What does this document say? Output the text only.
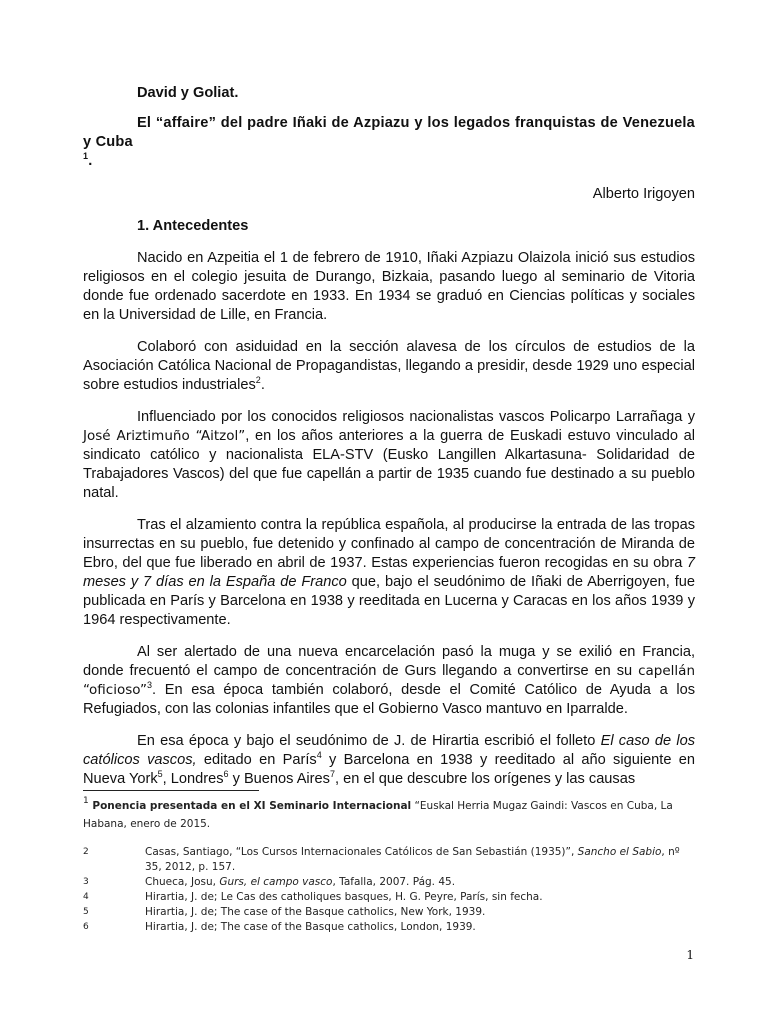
David y Goliat.
El “affaire” del padre Iñaki de Azpiazu y los legados franquistas de Venezuela y Cuba$^1$.
Alberto Irigoyen
1. Antecedentes

Nacido en Azpeitia el 1 de febrero de 1910, Iñaki Azpiazu Olaizola inició sus estudios religiosos en el colegio jesuita de Durango, Bizkaia, pasando luego al seminario de Vitoria donde fue ordenado sacerdote en 1933. En 1934 se graduó en Ciencias políticas y sociales en la Universidad de Lille, en Francia.

Colaboró con asiduidad en la sección alavesa de los círculos de estudios de la Asociación Católica Nacional de Propagandistas, llegando a presidir, desde 1929 uno especial sobre estudios industriales$^2$.

Influenciado por los conocidos religiosos nacionalistas vascos Policarpo Larrañaga y José Ariztimuño “Aitzol”, en los años anteriores a la guerra de Euskadi estuvo vinculado al sindicato católico y nacionalista ELA-STV (Eusko Langillen Alkartasuna- Solidaridad de Trabajadores Vascos) del que fue capellán a partir de 1935 cuando fue destinado a su pueblo natal.

Tras el alzamiento contra la república española, al producirse la entrada de las tropas insurrectas en su pueblo, fue detenido y confinado al campo de concentración de Miranda de Ebro, del que fue liberado en abril de 1937. Estas experiencias fueron recogidas en su obra 7 meses y 7 días en la España de Franco que, bajo el seudónimo de Iñaki de Aberrigoyen, fue publicada en París y Barcelona en 1938 y reeditada en Lucerna y Caracas en los años 1939 y 1964 respectivamente.

Al ser alertado de una nueva encarcelación pasó la muga y se exilió en Francia, donde frecuentó el campo de concentración de Gurs llegando a convertirse en su capellán “oficioso”$^3$. En esa época también colaboró, desde el Comité Católico de Ayuda a los Refugiados, con las colonias infantiles que el Gobierno Vasco mantuvo en Iparralde.

En esa época y bajo el seudónimo de J. de Hirartia escribió el folleto El caso de los católicos vascos, editado en París$^4$ y Barcelona en 1938 y reeditado al año siguiente en Nueva York$^5$, Londres$^6$ y Buenos Aires$^7$, en el que descubre los orígenes y las causas

$^1$ Ponencia presentada en el XI Seminario Internacional “Euskal Herria Mugaz Gaindi: Vascos en Cuba, La Habana, enero de 2015.
2	Casas, Santiago, “Los Cursos Internacionales Católicos de San Sebastián (1935)”, Sancho el Sabio, nº 35, 2012, p. 157.
3	Chueca, Josu, Gurs, el campo vasco, Tafalla, 2007. Pág. 45.
4	Hirartia, J. de; Le Cas des catholiques basques, H. G. Peyre, París, sin fecha.
5	Hirartia, J. de; The case of the Basque catholics, New York, 1939.
6	Hirartia, J. de; The case of the Basque catholics, London, 1939.
1
